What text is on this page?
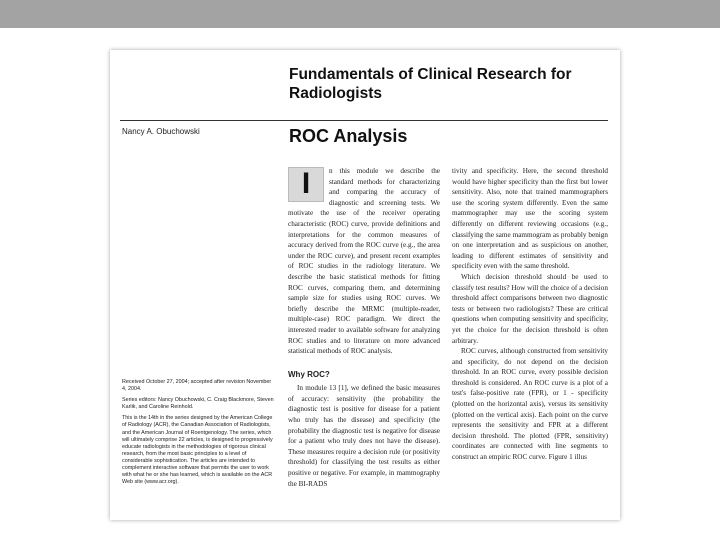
Fundamentals of Clinical Research for Radiologists
Nancy A. Obuchowski	ROC Analysis

I	n this module we describe the standard methods for characterizing and comparing the accuracy of diagnostic and screening tests. We motivate the use of the receiver operating characteristic (ROC) curve, provide definitions and interpretations for the common measures of accuracy derived from the ROC curve (e.g., the area under the ROC curve), and present recent examples of ROC studies in the radiology literature. We describe the basic statistical methods for fitting ROC curves, comparing them, and determining sample size for studies using ROC curves. We briefly describe the MRMC (multiple-reader, multiple-case) ROC paradigm. We direct the interested reader to available software for analyzing ROC studies and to literature on more advanced statistical methods of ROC analysis.

Why ROC?

In module 13 [1], we defined the basic measures of accuracy: sensitivity (the probability the diagnostic test is positive for disease for a patient who truly has the disease) and specificity (the probability the diagnostic test is negative for disease for a patient who truly does not have the disease). These measures require a decision rule (or positivity threshold) for classifying the test results as either positive or negative. For example, in mammography the BI-RADS

tivity and specificity. Here, the second threshold would have higher specificity than the first but lower sensitivity. Also, note that trained mammographers use the scoring system differently. Even the same mammographer may use the scoring system differently on different reviewing occasions (e.g., classifying the same mammogram as probably benign on one interpretation and as suspicious on another, leading to different estimates of sensitivity and specificity even with the same threshold.

Which decision threshold should be used to classify test results? How will the choice of a decision threshold affect comparisons between two diagnostic tests or between two radiologists? These are critical questions when computing sensitivity and specificity, yet the choice for the decision threshold is often arbitrary.

ROC curves, although constructed from sensitivity and specificity, do not depend on the decision threshold. In an ROC curve, every possible decision threshold is considered. An ROC curve is a plot of a test's false-positive rate (FPR), or 1 - specificity (plotted on the horizontal axis), versus its sensitivity (plotted on the vertical axis). Each point on the curve represents the sensitivity and FPR at a different decision threshold. The plotted (FPR, sensitivity) coordinates are connected with line segments to construct an empiric ROC curve. Figure 1 illus

Received October 27, 2004; accepted after revision November 4, 2004.

Series editors: Nancy Obuchowski, C. Craig Blackmore, Steven Karlik, and Caroline Reinhold.

This is the 14th in the series designed by the American College of Radiology (ACR), the Canadian Association of Radiologists, and the American Journal of Roentgenology. The series, which will ultimately comprise 22 articles, is designed to progressively educate radiologists in the methodologies of rigorous clinical research, from the most basic principles to a level of considerable sophistication. The articles are intended to complement interactive software that permits the user to work with what he or she has learned, which is available on the ACR Web site (www.acr.org).
